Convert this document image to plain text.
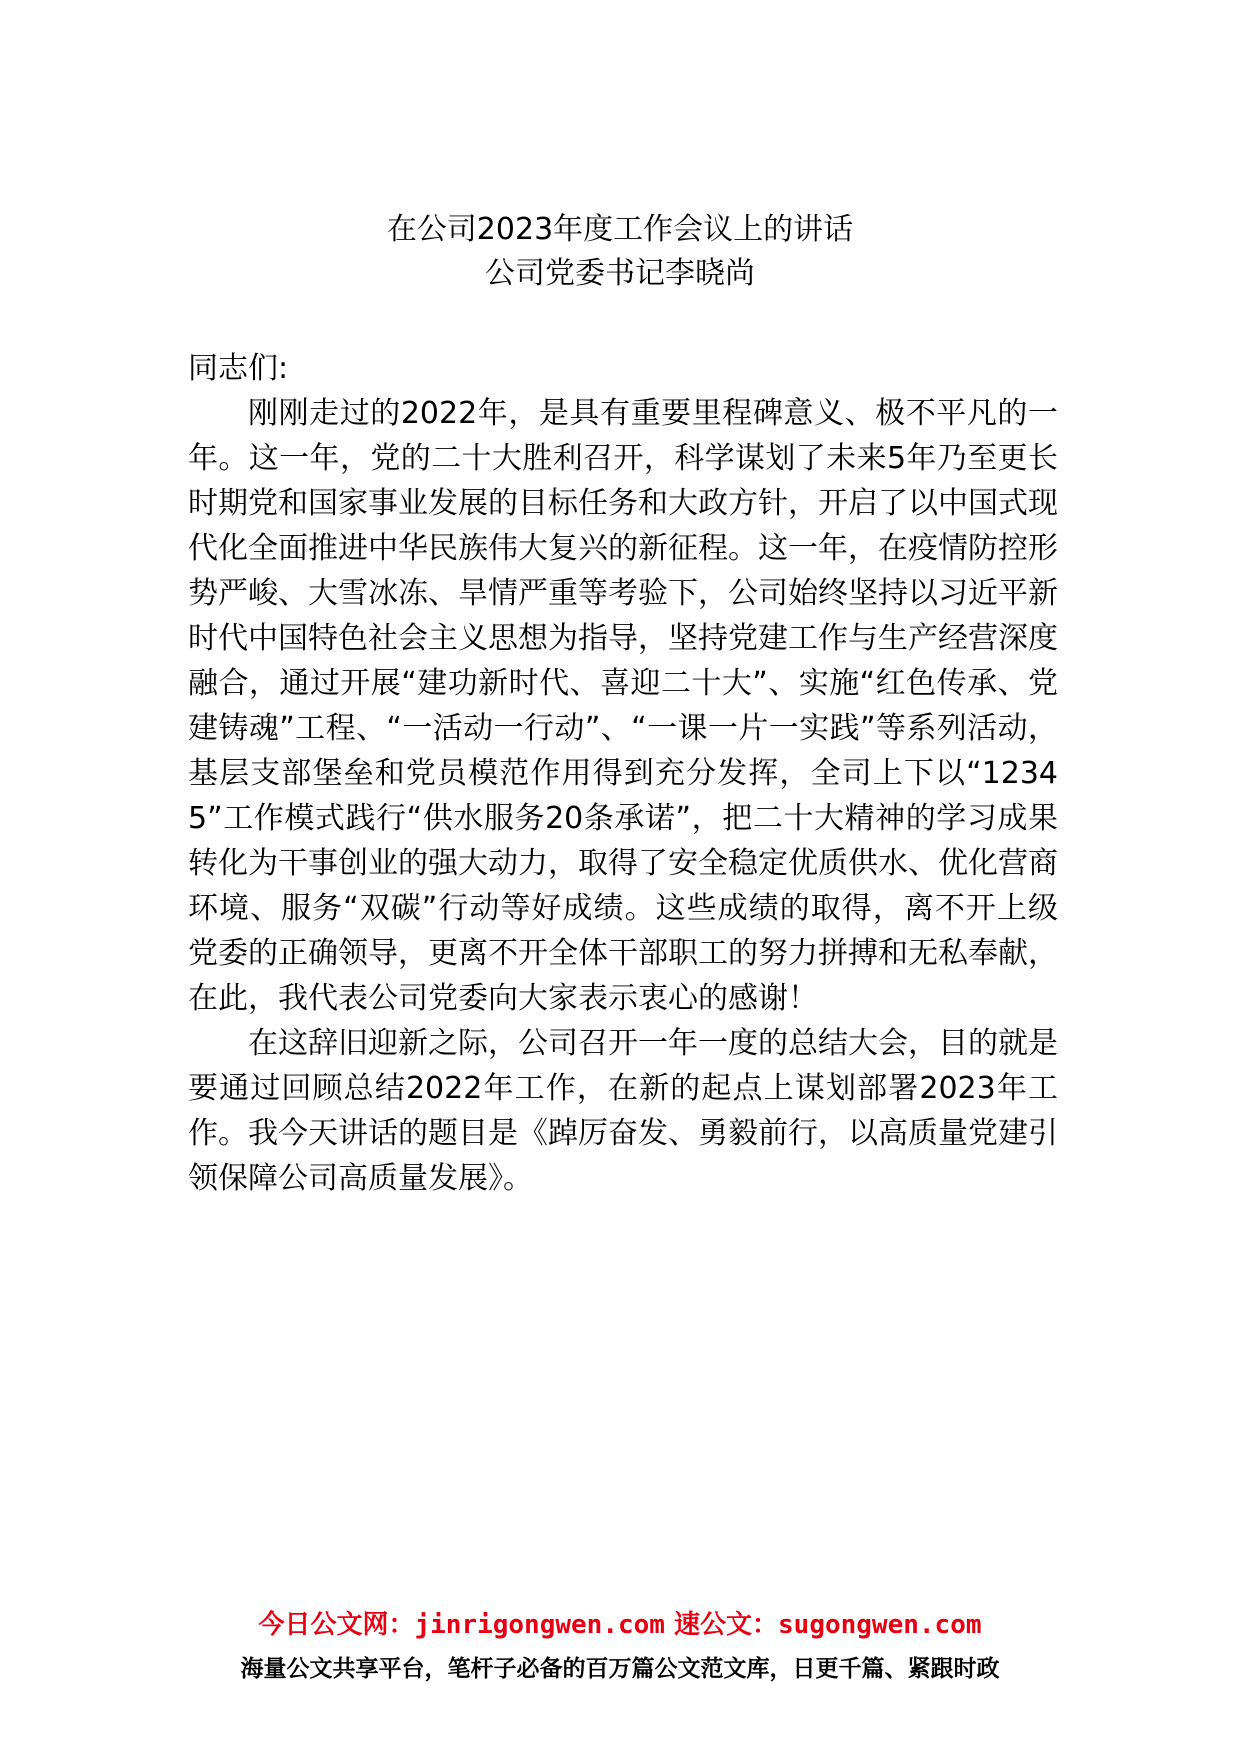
在公司2023年度工作会议上的讲话
公司党委书记李晓尚

同志们:

刚刚走过的2022年，是具有重要里程碑意义、极不平凡的一年。这一年，党的二十大胜利召开，科学谋划了未来5年乃至更长时期党和国家事业发展的目标任务和大政方针，开启了以中国式现代化全面推进中华民族伟大复兴的新征程。这一年，在疫情防控形势严峻、大雪冰冻、旱情严重等考验下，公司始终坚持以习近平新时代中国特色社会主义思想为指导，坚持党建工作与生产经营深度融合，通过开展“建功新时代、喜迎二十大”、实施“红色传承、党建铸魂”工程、“一活动一行动”、“一课一片一实践”等系列活动，基层支部堡垒和党员模范作用得到充分发挥，全司上下以“12345”工作模式践行“供水服务20条承诺”，把二十大精神的学习成果转化为干事创业的强大动力，取得了安全稳定优质供水、优化营商环境、服务“双碳”行动等好成绩。这些成绩的取得，离不开上级党委的正确领导，更离不开全体干部职工的努力拼搏和无私奉献，在此，我代表公司党委向大家表示衷心的感谢！

在这辞旧迎新之际，公司召开一年一度的总结大会，目的就是要通过回顾总结2022年工作，在新的起点上谋划部署2023年工作。我今天讲话的题目是《踔厉奋发、勇毅前行，以高质量党建引领保障公司高质量发展》。

今日公文网：jinrigongwen.com 速公文：sugongwen.com
海量公文共享平台，笔杆子必备的百万篇公文范文库，日更千篇、紧跟时政
